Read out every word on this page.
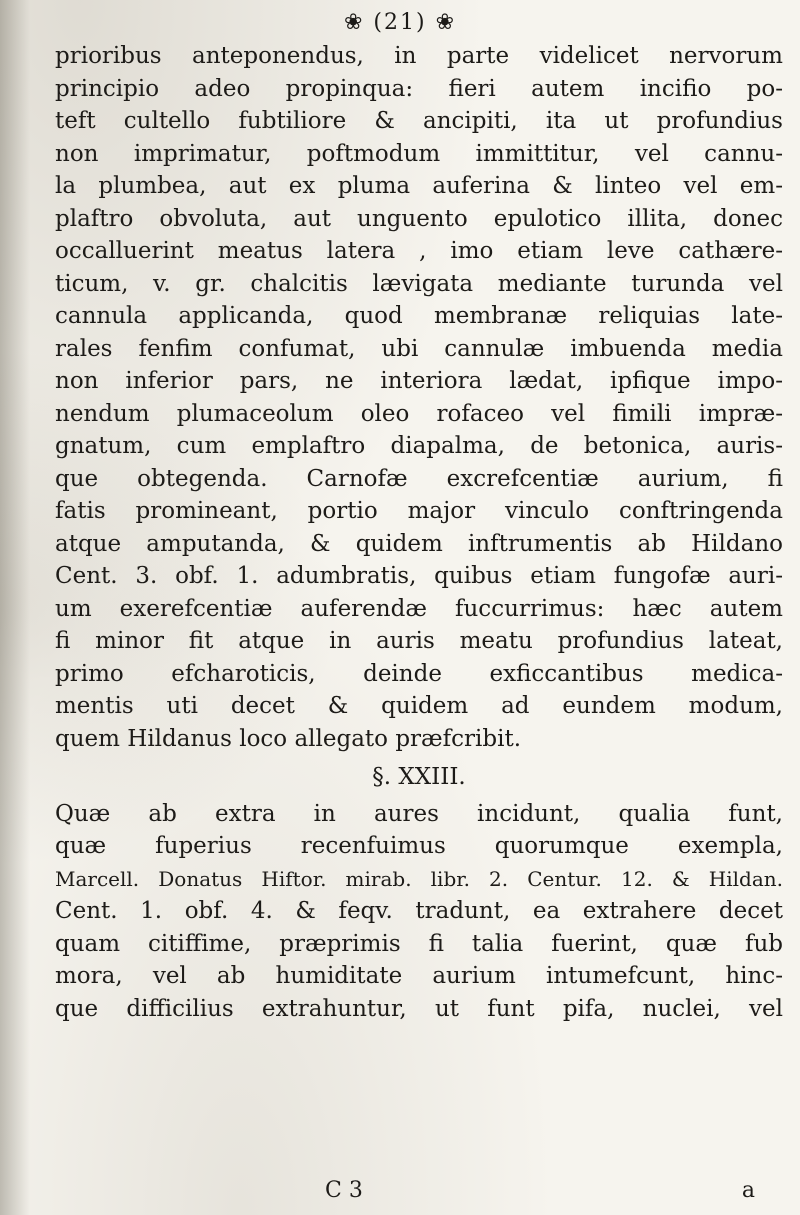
❀ (21) ❀
prioribus anteponendus, in parte videlicet nervorum
principio adeo propinqua: fieri autem incifio po-
teft cultello fubtiliore & ancipiti, ita ut profundius
non imprimatur, poftmodum immittitur, vel cannu-
la plumbea, aut ex pluma auferina & linteo vel em-
plaftro obvoluta, aut unguento epulotico illita, donec
occalluerint meatus latera , imo etiam leve cathære-
ticum, v. gr. chalcitis lævigata mediante turunda vel
cannula applicanda, quod membranæ reliquias late-
rales fenfim confumat, ubi cannulæ imbuenda media
non inferior pars, ne interiora lædat, ipfique impo-
nendum plumaceolum oleo rofaceo vel fimili impræ-
gnatum, cum emplaftro diapalma, de betonica, auris-
que obtegenda. Carnofæ excrefcentiæ aurium, fi
fatis promineant, portio major vinculo conftringenda
atque amputanda, & quidem inftrumentis ab Hildano
Cent. 3. obf. 1. adumbratis, quibus etiam fungofæ auri-
um exerefcentiæ auferendæ fuccurrimus: hæc autem
fi minor fit atque in auris meatu profundius lateat,
primo efcharoticis, deinde exficcantibus medica-
mentis uti decet & quidem ad eundem modum,
quem Hildanus loco allegato præfcribit.
§. XXIII.
Quæ ab extra in aures incidunt, qualia funt,
quæ fuperius recenfuimus quorumque exempla,
Marcell. Donatus Hiftor. mirab. libr. 2. Centur. 12. & Hildan.
Cent. 1. obf. 4. & feqv. tradunt, ea extrahere decet
quam citiffime, præprimis fi talia fuerint, quæ fub
mora, vel ab humiditate aurium intumefcunt, hinc-
que difficilius extrahuntur, ut funt pifa, nuclei, vel
C 3	a
